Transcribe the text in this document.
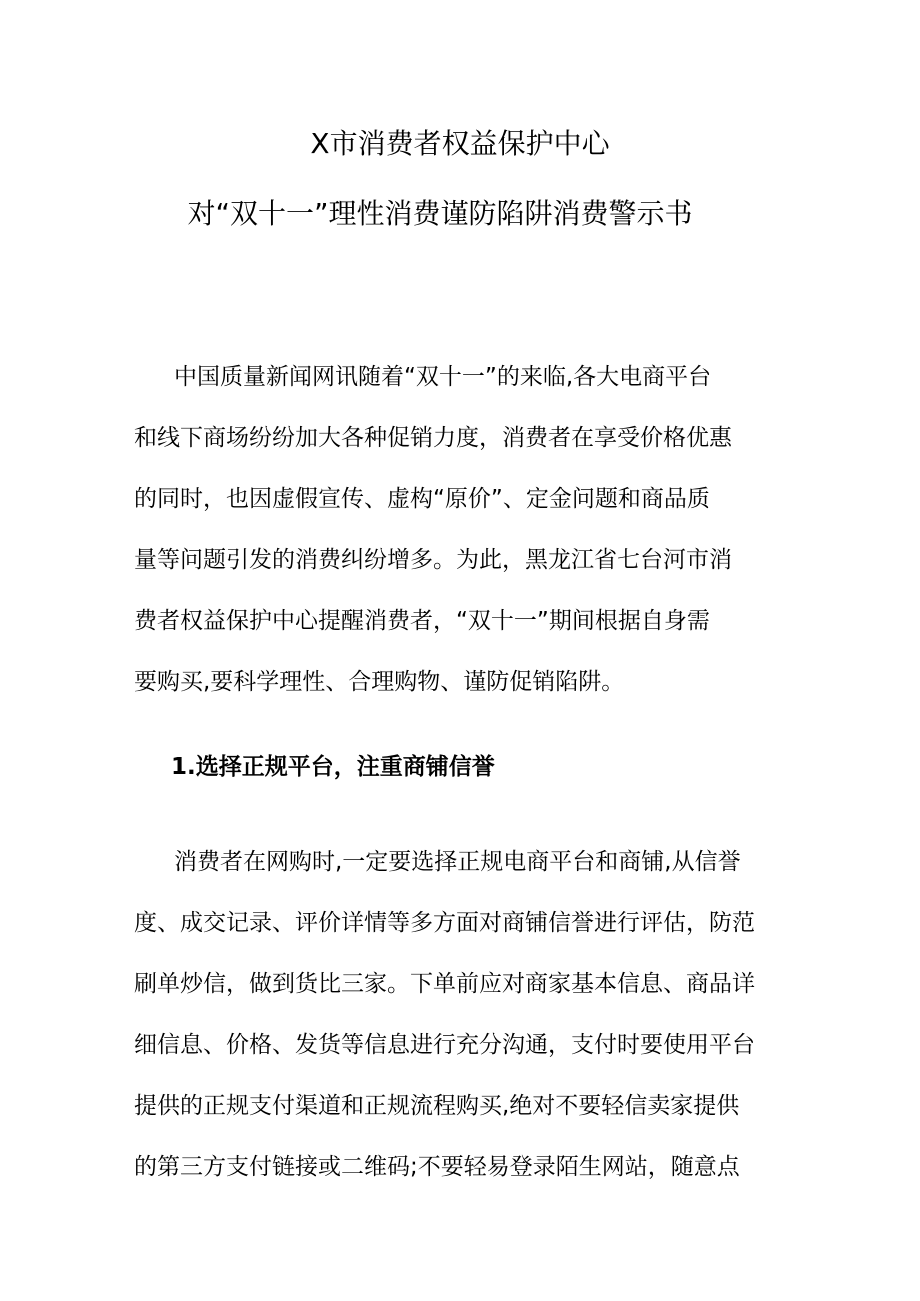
X市消费者权益保护中心
对“双十一”理性消费谨防陷阱消费警示书
中国质量新闻网讯随着“双十一”的来临,各大电商平台
和线下商场纷纷加大各种促销力度，消费者在享受价格优惠
的同时，也因虚假宣传、虚构“原价”、定金问题和商品质
量等问题引发的消费纠纷增多。为此，黑龙江省七台河市消
费者权益保护中心提醒消费者，“双十一”期间根据自身需
要购买,要科学理性、合理购物、谨防促销陷阱。
1.选择正规平台，注重商铺信誉
消费者在网购时,一定要选择正规电商平台和商铺,从信誉
度、成交记录、评价详情等多方面对商铺信誉进行评估，防范
刷单炒信，做到货比三家。下单前应对商家基本信息、商品详
细信息、价格、发货等信息进行充分沟通，支付时要使用平台
提供的正规支付渠道和正规流程购买,绝对不要轻信卖家提供
的第三方支付链接或二维码;不要轻易登录陌生网站，随意点
